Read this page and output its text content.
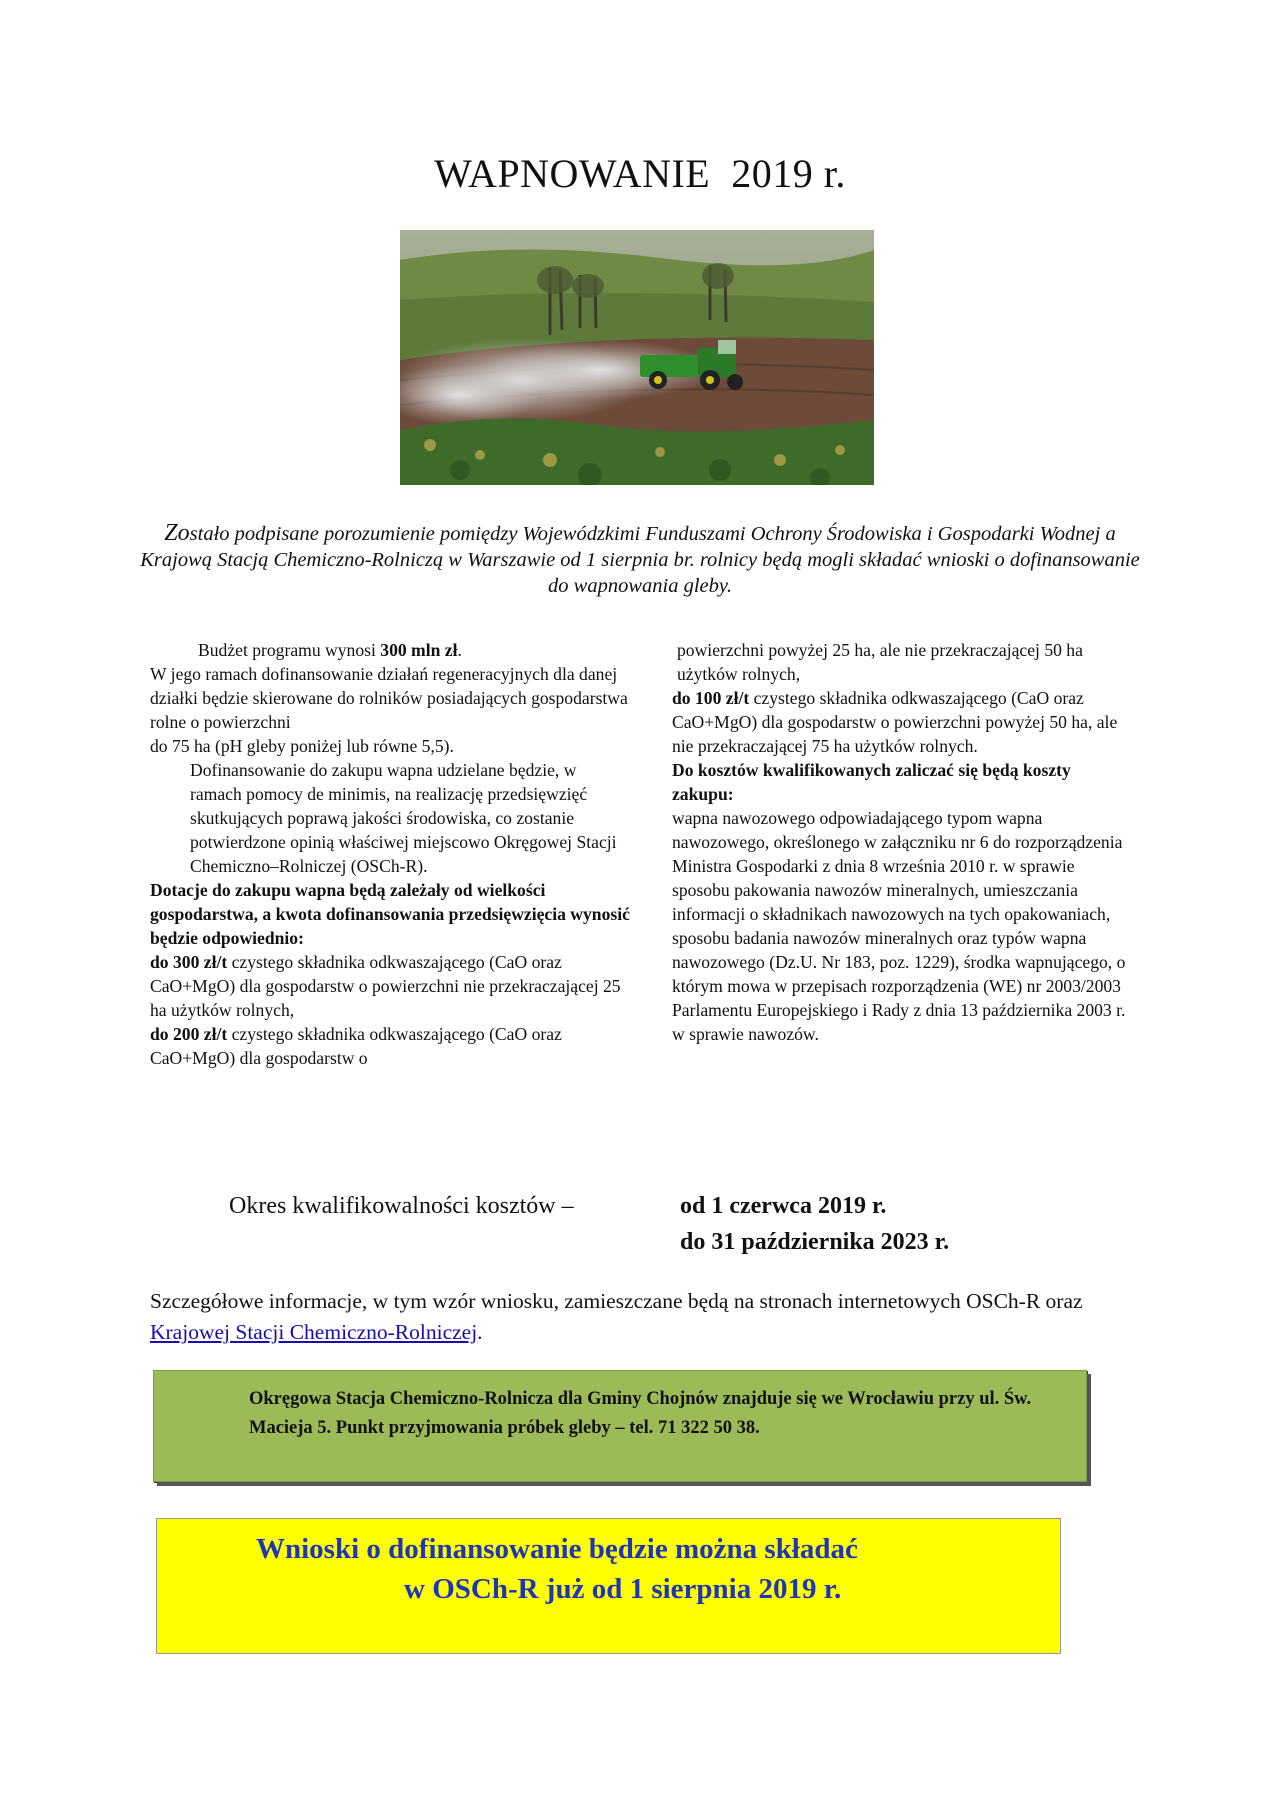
WAPNOWANIE  2019 r.
Zostało podpisane porozumienie pomiędzy Wojewódzkimi Funduszami Ochrony Środowiska i Gospodarki Wodnej a Krajową Stacją Chemiczno-Rolniczą w Warszawie od 1 sierpnia br. rolnicy będą mogli składać wnioski o dofinansowanie do wapnowania gleby.

Budżet programu wynosi 300 mln zł.

W jego ramach dofinansowanie działań regeneracyjnych dla danej działki będzie skierowane do rolników posiadających gospodarstwa rolne o powierzchni

do 75 ha (pH gleby poniżej lub równe 5,5).

Dofinansowanie do zakupu wapna udzielane będzie, w ramach pomocy de minimis, na realizację przedsięwzięć skutkujących poprawą jakości środowiska, co zostanie potwierdzone opinią właściwej miejscowo Okręgowej Stacji Chemiczno–Rolniczej (OSCh-R).

Dotacje do zakupu wapna będą zależały od wielkości gospodarstwa, a kwota dofinansowania przedsięwzięcia wynosić będzie odpowiednio:

do 300 zł/t czystego składnika odkwaszającego (CaO oraz CaO+MgO) dla gospodarstw o powierzchni nie przekraczającej 25 ha użytków rolnych,

do 200 zł/t czystego składnika odkwaszającego (CaO oraz CaO+MgO) dla gospodarstw o

powierzchni powyżej 25 ha, ale nie przekraczającej 50 ha użytków rolnych,

do 100 zł/t czystego składnika odkwaszającego (CaO oraz CaO+MgO) dla gospodarstw o powierzchni powyżej 50 ha, ale nie przekraczającej 75 ha użytków rolnych.

Do kosztów kwalifikowanych zaliczać się będą koszty zakupu:

wapna nawozowego odpowiadającego typom wapna nawozowego, określonego w załączniku nr 6 do rozporządzenia Ministra Gospodarki z dnia 8 września 2010 r. w sprawie sposobu pakowania nawozów mineralnych, umieszczania informacji o składnikach nawozowych na tych opakowaniach, sposobu badania nawozów mineralnych oraz typów wapna nawozowego (Dz.U. Nr 183, poz. 1229), środka wapnującego, o którym mowa w przepisach rozporządzenia (WE) nr 2003/2003 Parlamentu Europejskiego i Rady z dnia 13 października 2003 r. w sprawie nawozów.

Okres kwalifikowalności kosztów –	od 1 czerwca 2019 r.
do 31 października 2023 r.
Szczegółowe informacje, w tym wzór wniosku, zamieszczane będą na stronach internetowych OSCh-R oraz Krajowej Stacji Chemiczno-Rolniczej.
Okręgowa Stacja Chemiczno-Rolnicza dla Gminy Chojnów znajduje się we Wrocławiu przy ul. Św. Macieja 5. Punkt przyjmowania próbek gleby – tel. 71 322 50 38.
Wnioski o dofinansowanie będzie można składać
w OSCh-R już od 1 sierpnia 2019 r.
